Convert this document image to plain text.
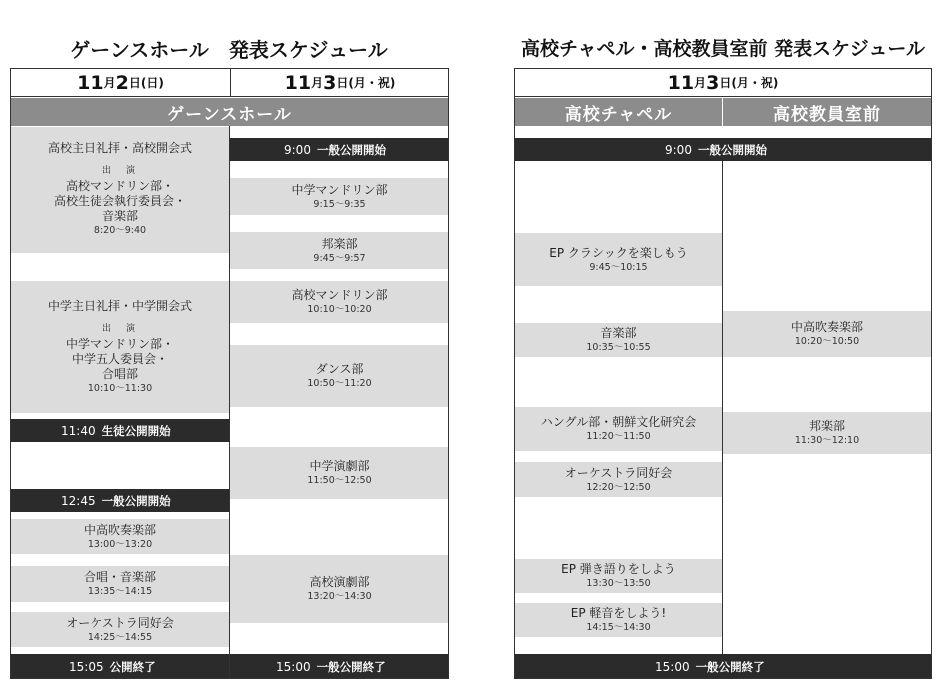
ゲーンスホール　発表スケジュール
11 月 2 日 (日)	11 月 3 日 (月・祝)
ゲーンスホール
高校主日礼拝・高校開会式
出　演
高校マンドリン部・
高校生徒会執行委員会・
音楽部
8:20～9:40
中学主日礼拝・中学開会式
出　演
中学マンドリン部・
中学五人委員会・
合唱部
10:10～11:30
11:40 生徒公開開始
12:45 一般公開開始
中高吹奏楽部
13:00～13:20
合唱・音楽部
13:35～14:15
オーケストラ同好会
14:25～14:55
15:05 公開終了
9:00 一般公開開始
中学マンドリン部
9:15～9:35
邦楽部
9:45～9:57
高校マンドリン部
10:10～10:20
ダンス部
10:50～11:20
中学演劇部
11:50～12:50
高校演劇部
13:20～14:30
15:00 一般公開終了
高校チャペル・高校教員室前 発表スケジュール
11 月 3 日 (月・祝)
高校チャペル	高校教員室前
9:00 一般公開開始
EP クラシックを楽しもう
9:45～10:15
音楽部
10:35～10:55
ハングル部・朝鮮文化研究会
11:20～11:50
オーケストラ同好会
12:20～12:50
EP 弾き語りをしよう
13:30～13:50
EP 軽音をしよう!
14:15～14:30
中高吹奏楽部
10:20～10:50
邦楽部
11:30～12:10
15:00 一般公開終了
